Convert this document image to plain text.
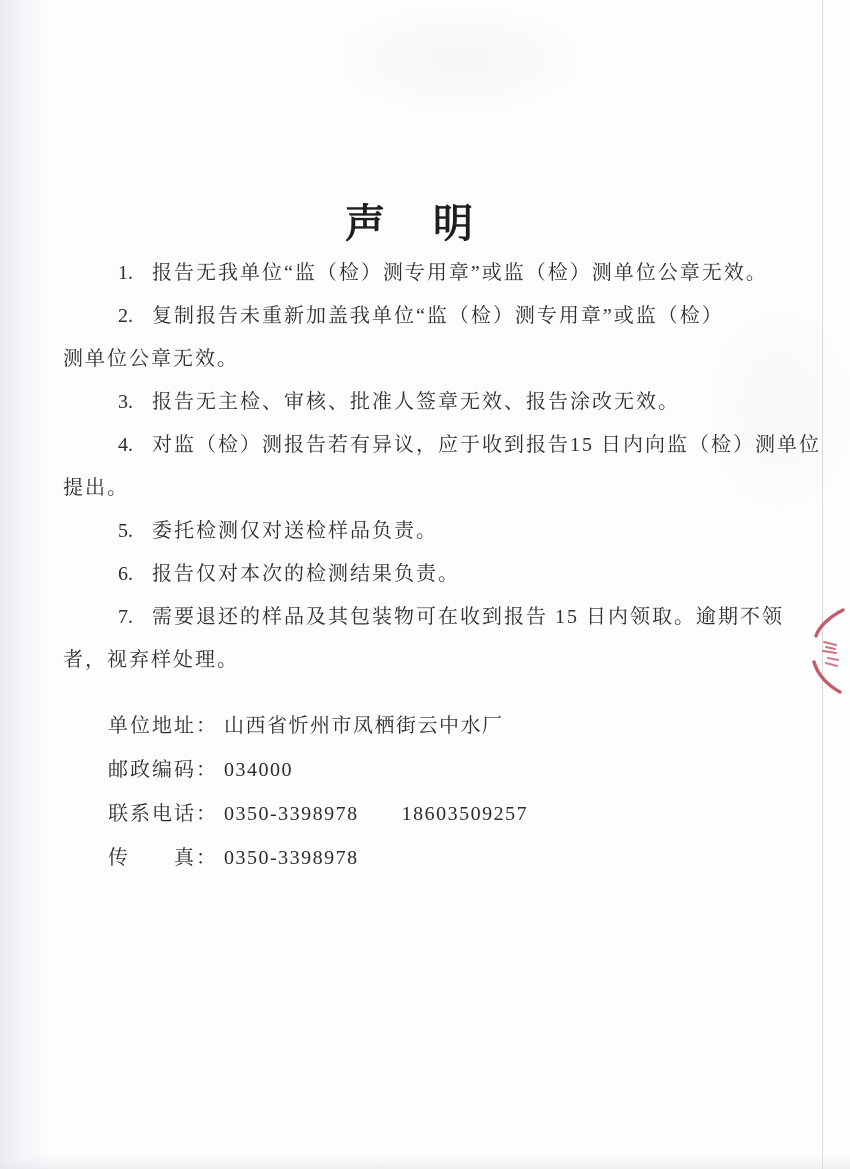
声　明
1. 报告无我单位“监（检）测专用章”或监（检）测单位公章无效。
2. 复制报告未重新加盖我单位“监（检）测专用章”或监（检）
测单位公章无效。
3. 报告无主检、审核、批准人签章无效、报告涂改无效。
4. 对监（检）测报告若有异议，应于收到报告15 日内向监（检）测单位
提出。
5. 委托检测仅对送检样品负责。
6. 报告仅对本次的检测结果负责。
7. 需要退还的样品及其包装物可在收到报告 15 日内领取。逾期不领
者，视弃样处理。
单位地址： 山西省忻州市凤栖街云中水厂
邮政编码： 034000
联系电话： 0350-3398978　　18603509257
传　　真： 0350-3398978
